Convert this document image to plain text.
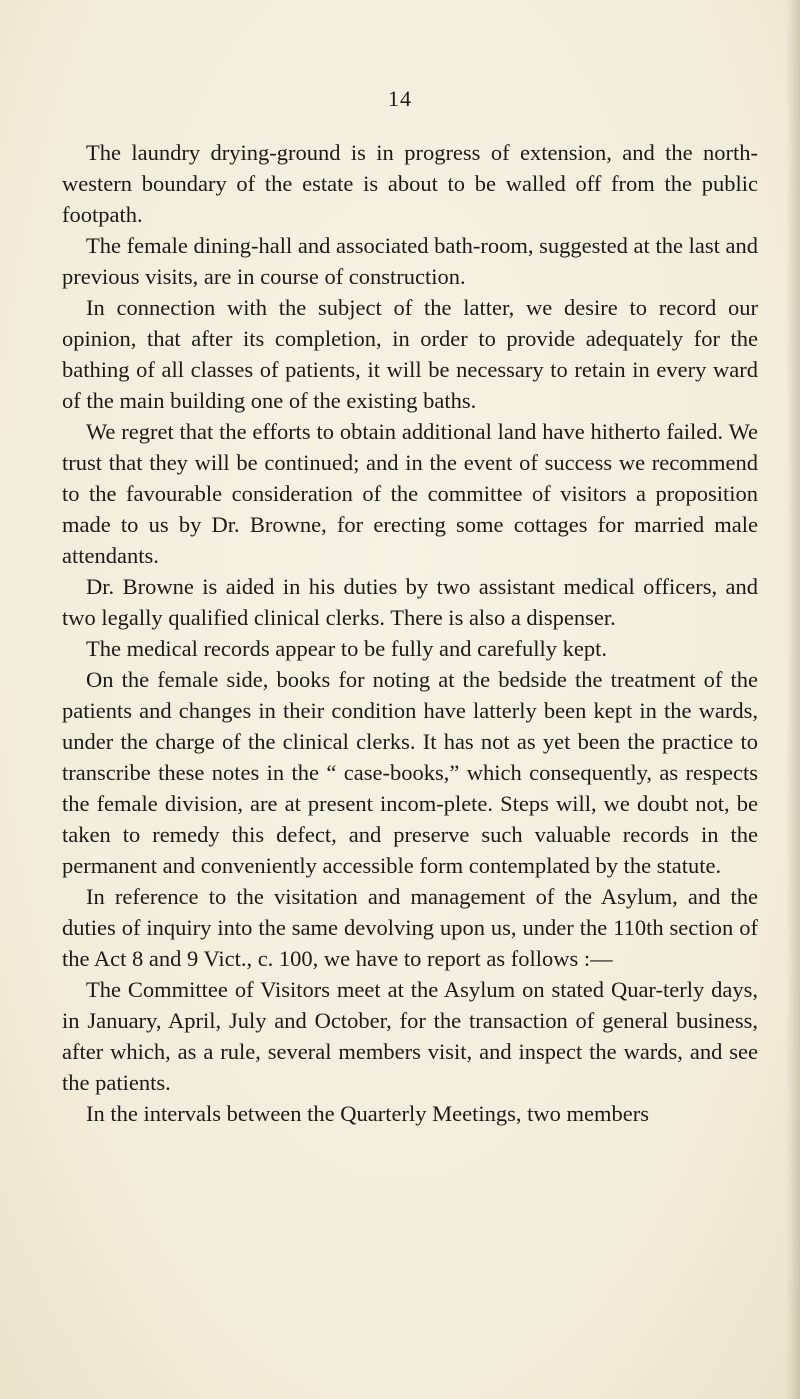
14

The laundry drying-ground is in progress of extension, and the north-western boundary of the estate is about to be walled off from the public footpath.

The female dining-hall and associated bath-room, suggested at the last and previous visits, are in course of construction.

In connection with the subject of the latter, we desire to record our opinion, that after its completion, in order to provide adequately for the bathing of all classes of patients, it will be necessary to retain in every ward of the main building one of the existing baths.

We regret that the efforts to obtain additional land have hitherto failed. We trust that they will be continued; and in the event of success we recommend to the favourable consideration of the committee of visitors a proposition made to us by Dr. Browne, for erecting some cottages for married male attendants.

Dr. Browne is aided in his duties by two assistant medical officers, and two legally qualified clinical clerks. There is also a dispenser.

The medical records appear to be fully and carefully kept.

On the female side, books for noting at the bedside the treatment of the patients and changes in their condition have latterly been kept in the wards, under the charge of the clinical clerks. It has not as yet been the practice to transcribe these notes in the “ case-books,” which consequently, as respects the female division, are at present incom-plete. Steps will, we doubt not, be taken to remedy this defect, and preserve such valuable records in the permanent and conveniently accessible form contemplated by the statute.

In reference to the visitation and management of the Asylum, and the duties of inquiry into the same devolving upon us, under the 110th section of the Act 8 and 9 Vict., c. 100, we have to report as follows :—

The Committee of Visitors meet at the Asylum on stated Quar-terly days, in January, April, July and October, for the transaction of general business, after which, as a rule, several members visit, and inspect the wards, and see the patients.

In the intervals between the Quarterly Meetings, two members
